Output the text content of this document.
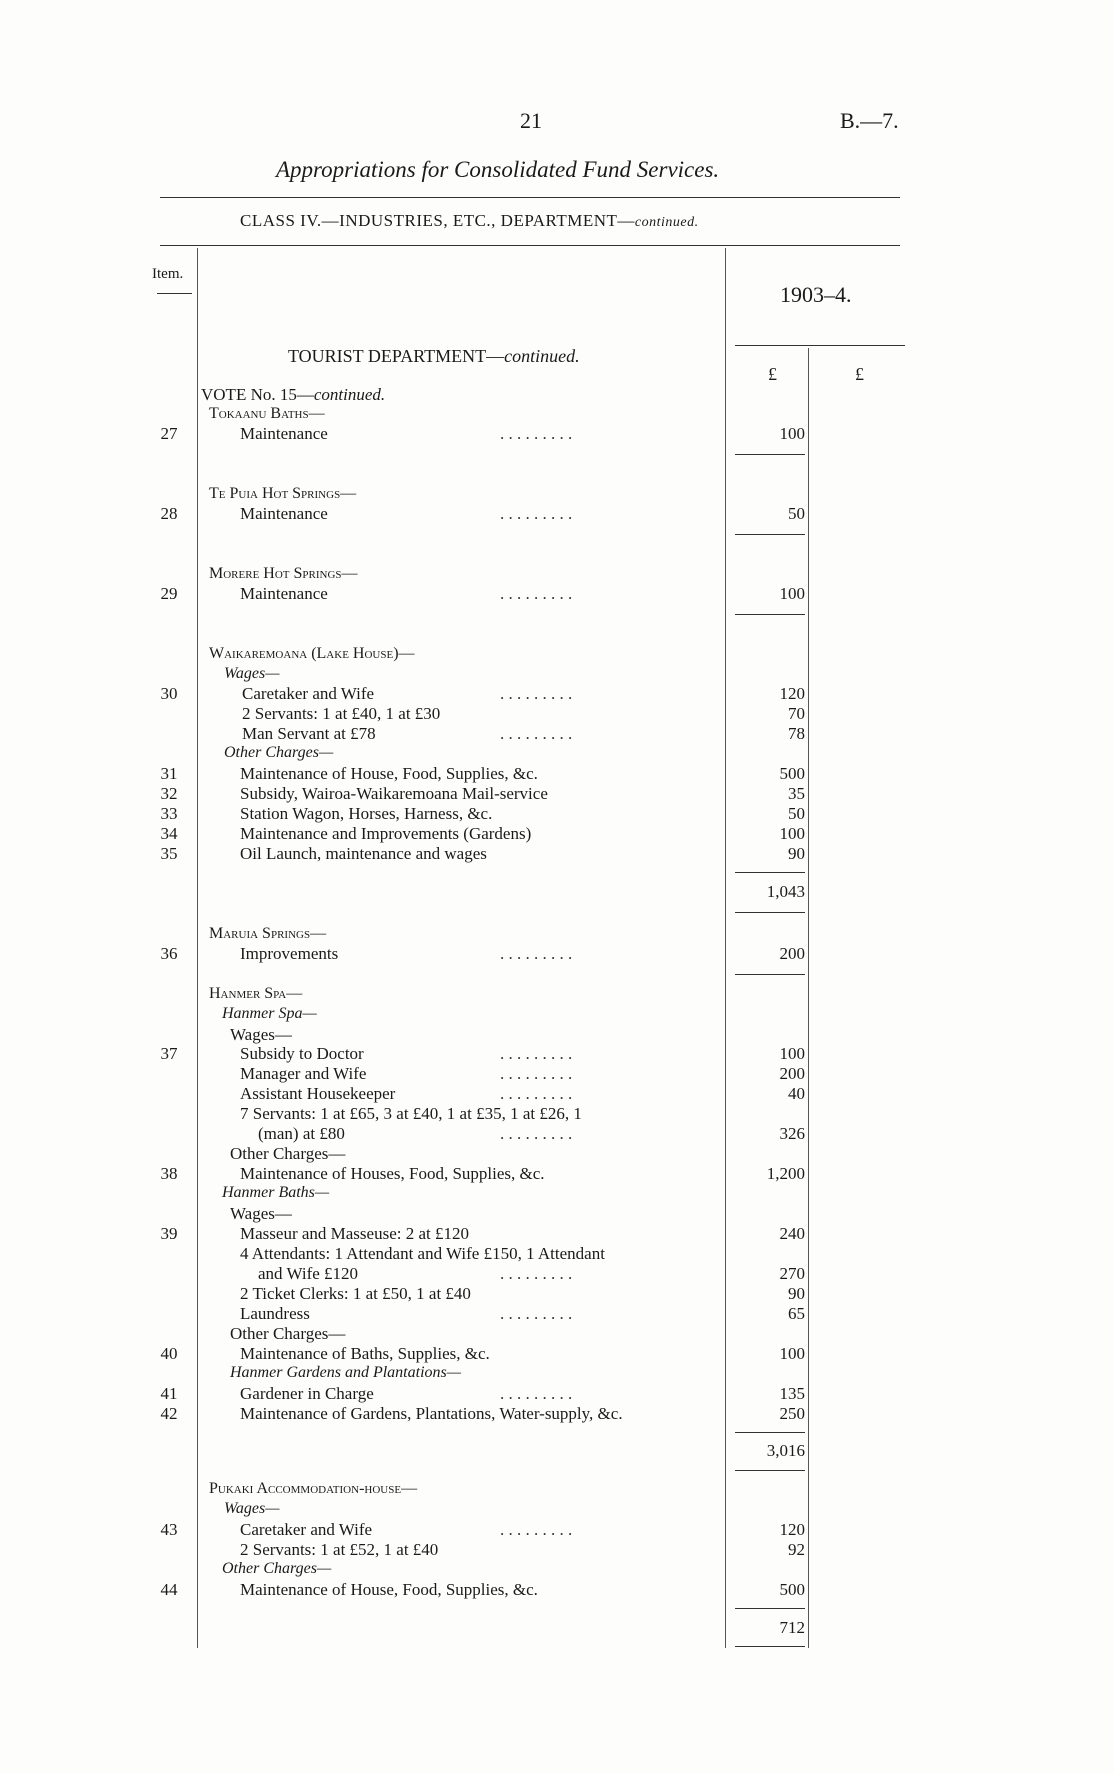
21	B.—7.
Appropriations for Consolidated Fund Services.
CLASS IV.—INDUSTRIES, ETC., DEPARTMENT—continued.
Item.
1903–4.
£	£
TOURIST DEPARTMENT—continued.
VOTE No. 15—continued.
Tokaanu Baths—
27	Maintenance	. . . . . . . . .	100
Te Puia Hot Springs—
28	Maintenance	. . . . . . . . .	50
Morere Hot Springs—
29	Maintenance	. . . . . . . . .	100
Waikaremoana (Lake House)—
Wages—
30	Caretaker and Wife	. . . . . . . . .	120
2 Servants: 1 at £40, 1 at £30	70
Man Servant at £78	. . . . . . . . .	78
Other Charges—
31	Maintenance of House, Food, Supplies, &c.	500
32	Subsidy, Wairoa-Waikaremoana Mail-service	35
33	Station Wagon, Horses, Harness, &c.	50
34	Maintenance and Improvements (Gardens)	100
35	Oil Launch, maintenance and wages	90
1,043
Maruia Springs—
36	Improvements	. . . . . . . . .	200
Hanmer Spa—
Hanmer Spa—
Wages—
37	Subsidy to Doctor	. . . . . . . . .	100
Manager and Wife	. . . . . . . . .	200
Assistant Housekeeper	. . . . . . . . .	40
7 Servants: 1 at £65, 3 at £40, 1 at £35, 1 at £26, 1
(man) at £80	. . . . . . . . .	326
Other Charges—
38	Maintenance of Houses, Food, Supplies, &c.	1,200
Hanmer Baths—
Wages—
39	Masseur and Masseuse: 2 at £120	240
4 Attendants: 1 Attendant and Wife £150, 1 Attendant
and Wife £120	. . . . . . . . .	270
2 Ticket Clerks: 1 at £50, 1 at £40	90
Laundress	. . . . . . . . .	65
Other Charges—
40	Maintenance of Baths, Supplies, &c.	100
Hanmer Gardens and Plantations—
41	Gardener in Charge	. . . . . . . . .	135
42	Maintenance of Gardens, Plantations, Water-supply, &c.	250
3,016
Pukaki Accommodation-house—
Wages—
43	Caretaker and Wife	. . . . . . . . .	120
2 Servants: 1 at £52, 1 at £40	92
Other Charges—
44	Maintenance of House, Food, Supplies, &c.	500
712
